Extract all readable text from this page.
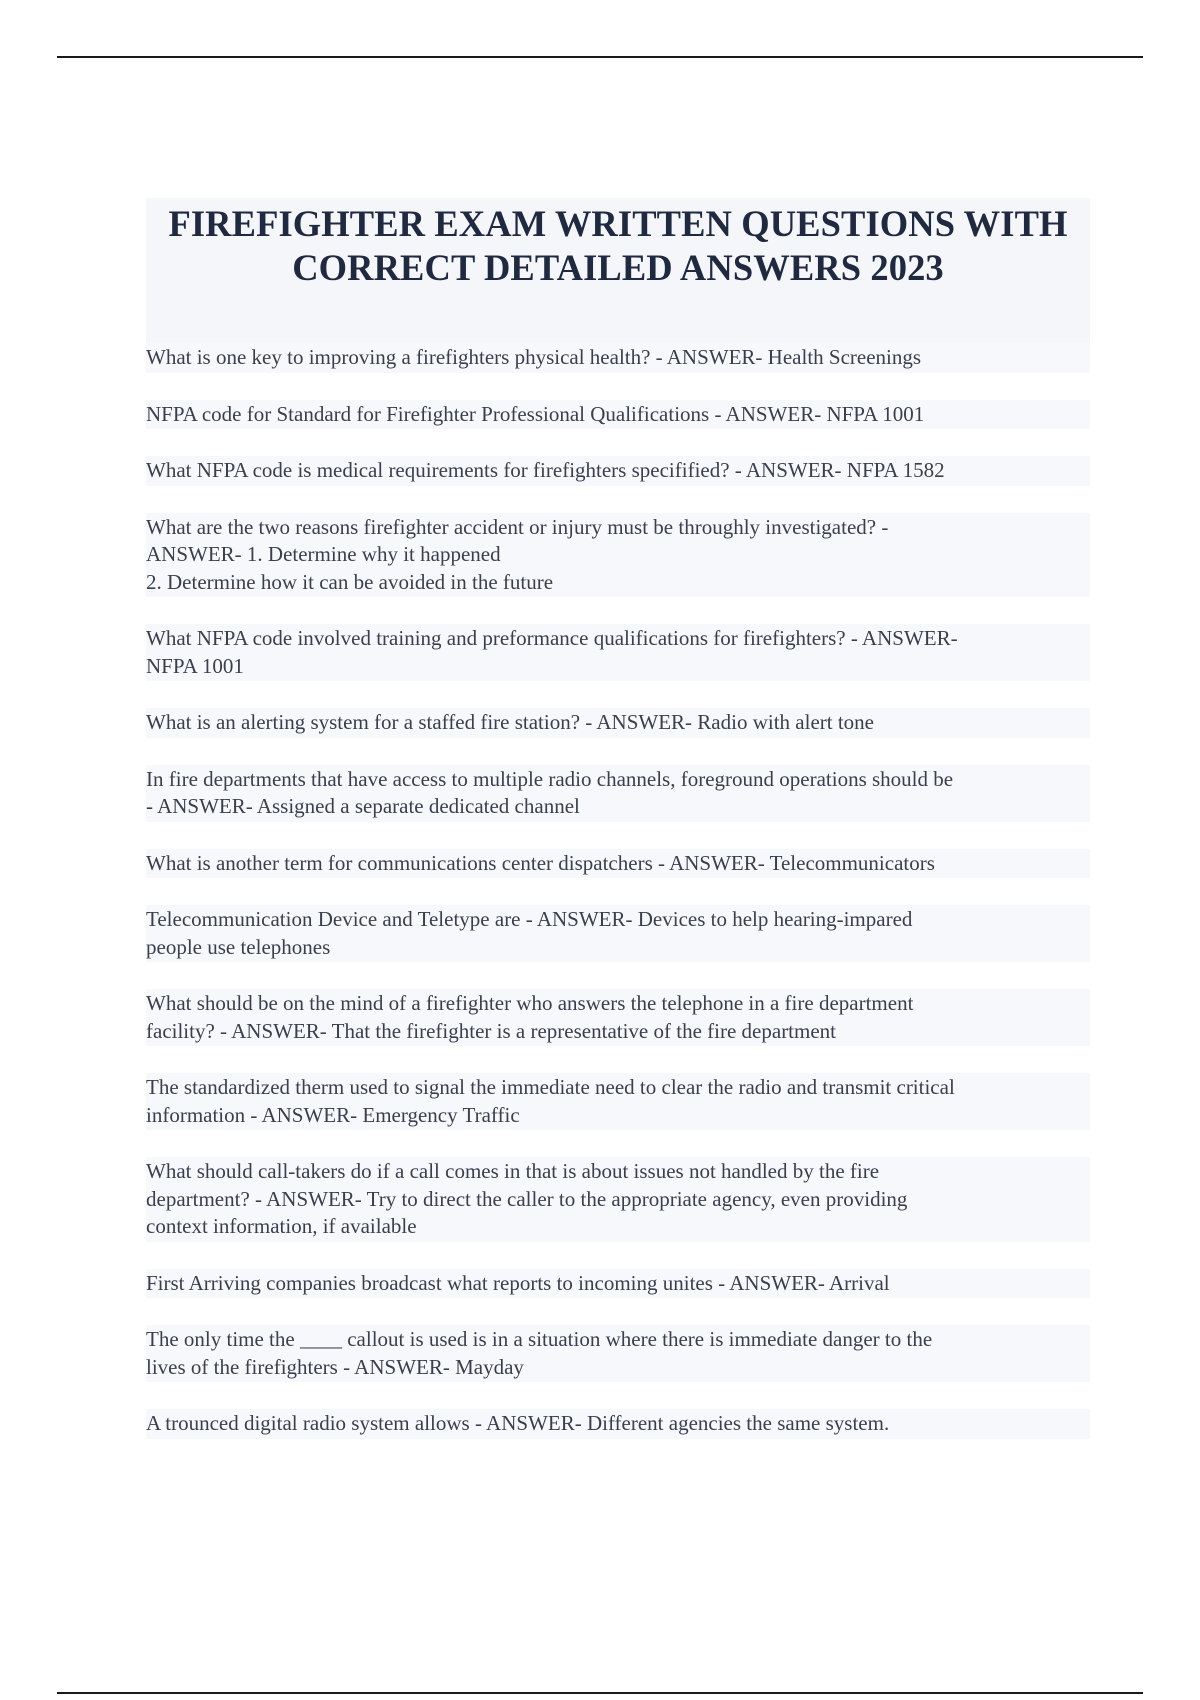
FIREFIGHTER EXAM WRITTEN QUESTIONS WITH
CORRECT DETAILED ANSWERS 2023

What is one key to improving a firefighters physical health? - ANSWER- Health Screenings

NFPA code for Standard for Firefighter Professional Qualifications - ANSWER- NFPA 1001

What NFPA code is medical requirements for firefighters specifified? - ANSWER- NFPA 1582

What are the two reasons firefighter accident or injury must be throughly investigated? -
ANSWER- 1. Determine why it happened
2. Determine how it can be avoided in the future

What NFPA code involved training and preformance qualifications for firefighters? - ANSWER-
NFPA 1001

What is an alerting system for a staffed fire station? - ANSWER- Radio with alert tone

In fire departments that have access to multiple radio channels, foreground operations should be
- ANSWER- Assigned a separate dedicated channel

What is another term for communications center dispatchers - ANSWER- Telecommunicators

Telecommunication Device and Teletype are - ANSWER- Devices to help hearing-impared
people use telephones

What should be on the mind of a firefighter who answers the telephone in a fire department
facility? - ANSWER- That the firefighter is a representative of the fire department

The standardized therm used to signal the immediate need to clear the radio and transmit critical
information - ANSWER- Emergency Traffic

What should call-takers do if a call comes in that is about issues not handled by the fire
department? - ANSWER- Try to direct the caller to the appropriate agency, even providing
context information, if available

First Arriving companies broadcast what reports to incoming unites - ANSWER- Arrival

The only time the ____ callout is used is in a situation where there is immediate danger to the
lives of the firefighters - ANSWER- Mayday

A trounced digital radio system allows - ANSWER- Different agencies the same system.
